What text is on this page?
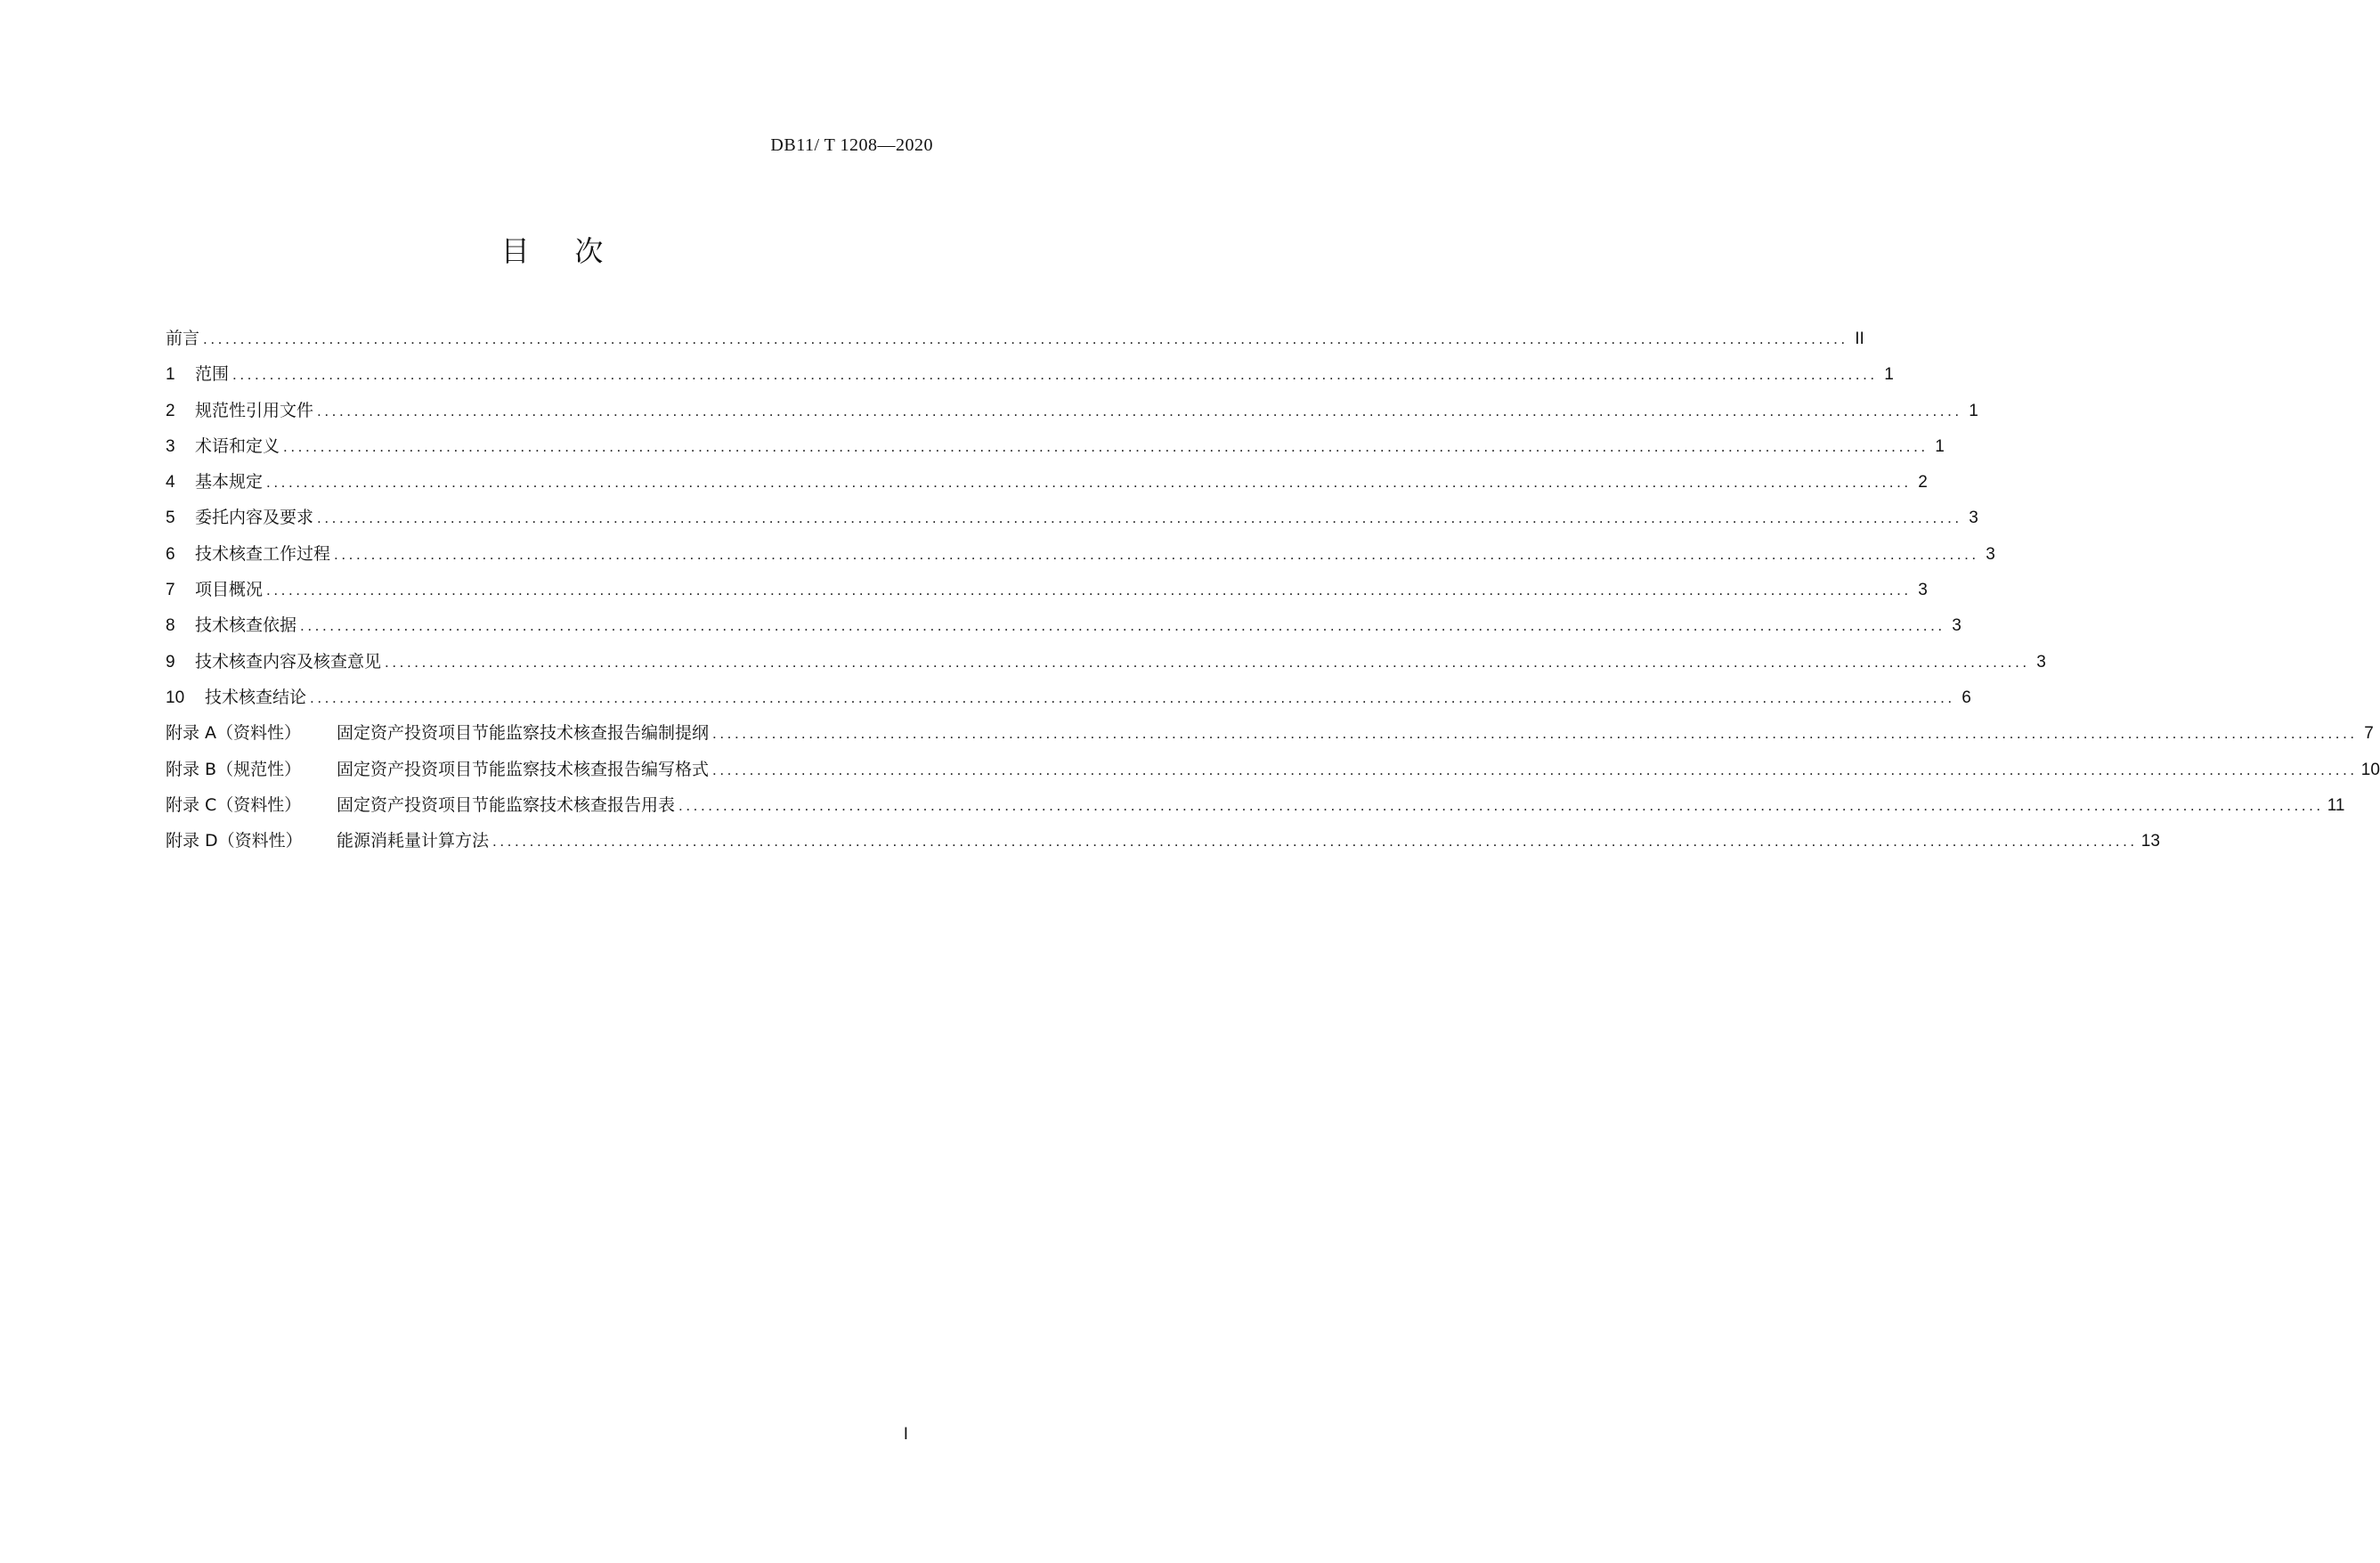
DB11/ T 1208—2020
目     次
前言 .............................................................................................................................................................................................................................. II
1	范围 .............................................................................................................................................................................................................................. 1
2	规范性引用文件 .............................................................................................................................................................................................................................. 1
3	术语和定义 .............................................................................................................................................................................................................................. 1
4	基本规定 .............................................................................................................................................................................................................................. 2
5	委托内容及要求 .............................................................................................................................................................................................................................. 3
6	技术核查工作过程 .............................................................................................................................................................................................................................. 3
7	项目概况 .............................................................................................................................................................................................................................. 3
8	技术核查依据 .............................................................................................................................................................................................................................. 3
9	技术核查内容及核查意见 .............................................................................................................................................................................................................................. 3
10	技术核查结论 .............................................................................................................................................................................................................................. 6
附录 A（资料性）	固定资产投资项目节能监察技术核查报告编制提纲 .............................................................................................................................................................................................................................. 7
附录 B（规范性）	固定资产投资项目节能监察技术核查报告编写格式 .............................................................................................................................................................................................................................. 10
附录 C（资料性）	固定资产投资项目节能监察技术核查报告用表 .............................................................................................................................................................................................................................. 11
附录 D（资料性）	能源消耗量计算方法 .............................................................................................................................................................................................................................. 13
I
